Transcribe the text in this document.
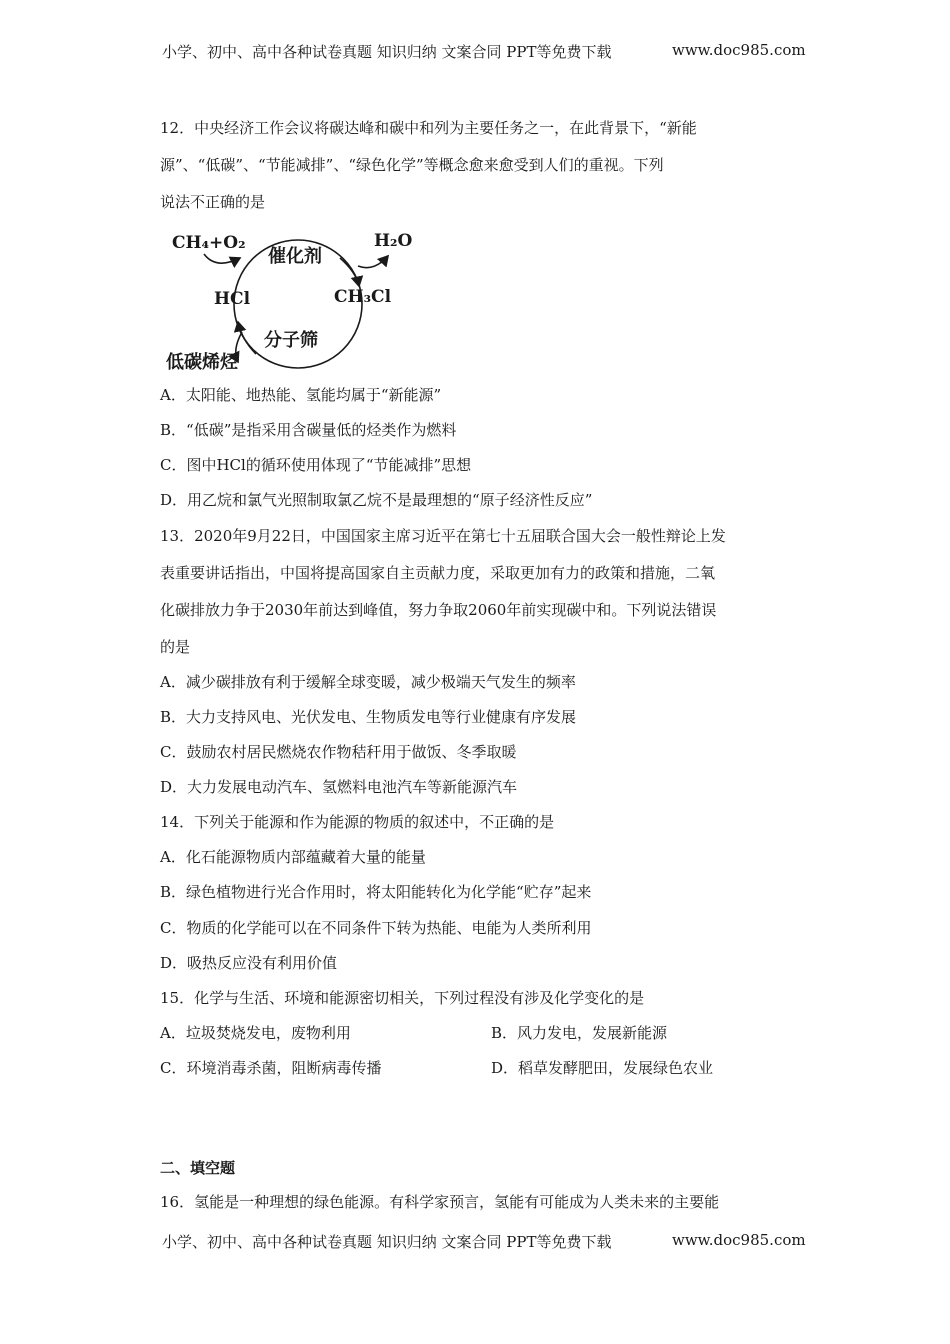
小学、初中、高中各种试卷真题 知识归纳 文案合同 PPT等免费下载	www.doc985.com
12．中央经济工作会议将碳达峰和碳中和列为主要任务之一，在此背景下，“新能
源”、“低碳”、“节能减排”、“绿色化学”等概念愈来愈受到人们的重视。下列
说法不正确的是
CH₄+O₂
催化剂
H₂O
HCl	CH₃Cl
分子筛
低碳烯烃
A．太阳能、地热能、氢能均属于“新能源”
B．“低碳”是指采用含碳量低的烃类作为燃料
C．图中HCl的循环使用体现了“节能减排”思想
D．用乙烷和氯气光照制取氯乙烷不是最理想的“原子经济性反应”
13．2020年9月22日，中国国家主席习近平在第七十五届联合国大会一般性辩论上发
表重要讲话指出，中国将提高国家自主贡献力度，采取更加有力的政策和措施，二氧
化碳排放力争于2030年前达到峰值，努力争取2060年前实现碳中和。下列说法错误
的是
A．减少碳排放有利于缓解全球变暖，减少极端天气发生的频率
B．大力支持风电、光伏发电、生物质发电等行业健康有序发展
C．鼓励农村居民燃烧农作物秸秆用于做饭、冬季取暖
D．大力发展电动汽车、氢燃料电池汽车等新能源汽车
14．下列关于能源和作为能源的物质的叙述中，不正确的是
A．化石能源物质内部蕴藏着大量的能量
B．绿色植物进行光合作用时，将太阳能转化为化学能“贮存”起来
C．物质的化学能可以在不同条件下转为热能、电能为人类所利用
D．吸热反应没有利用价值
15．化学与生活、环境和能源密切相关，下列过程没有涉及化学变化的是
A．垃圾焚烧发电，废物利用	B．风力发电，发展新能源
C．环境消毒杀菌，阻断病毒传播	D．稻草发酵肥田，发展绿色农业
二、填空题
16．氢能是一种理想的绿色能源。有科学家预言，氢能有可能成为人类未来的主要能
小学、初中、高中各种试卷真题 知识归纳 文案合同 PPT等免费下载	www.doc985.com
